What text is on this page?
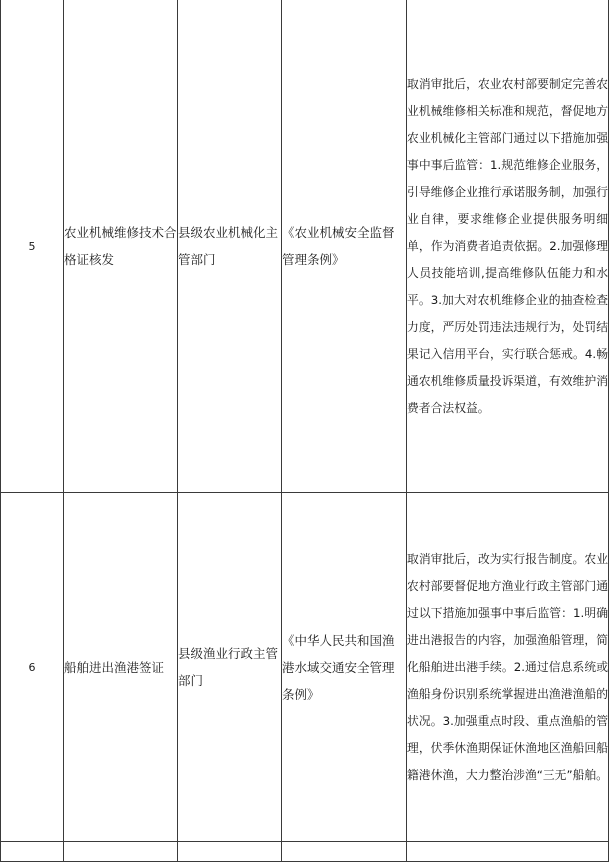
5	农业机械维修技术合格证核发	县级农业机械化主管部门	《农业机械安全监督管理条例》	取消审批后，农业农村部要制定完善农业机械维修相关标准和规范，督促地方农业机械化主管部门通过以下措施加强事中事后监管：1.规范维修企业服务，引导维修企业推行承诺服务制，加强行业自律，要求维修企业提供服务明细单，作为消费者追责依据。2.加强修理人员技能培训,提高维修队伍能力和水平。3.加大对农机维修企业的抽查检查力度，严厉处罚违法违规行为，处罚结果记入信用平台，实行联合惩戒。4.畅通农机维修质量投诉渠道，有效维护消费者合法权益。
6	船舶进出渔港签证	县级渔业行政主管部门	《中华人民共和国渔港水域交通安全管理条例》	取消审批后，改为实行报告制度。农业农村部要督促地方渔业行政主管部门通过以下措施加强事中事后监管：1.明确进出港报告的内容，加强渔船管理，简化船舶进出港手续。2.通过信息系统或渔船身份识别系统掌握进出渔港渔船的状况。3.加强重点时段、重点渔船的管理，伏季休渔期保证休渔地区渔船回船籍港休渔，大力整治涉渔“三无”船舶。
